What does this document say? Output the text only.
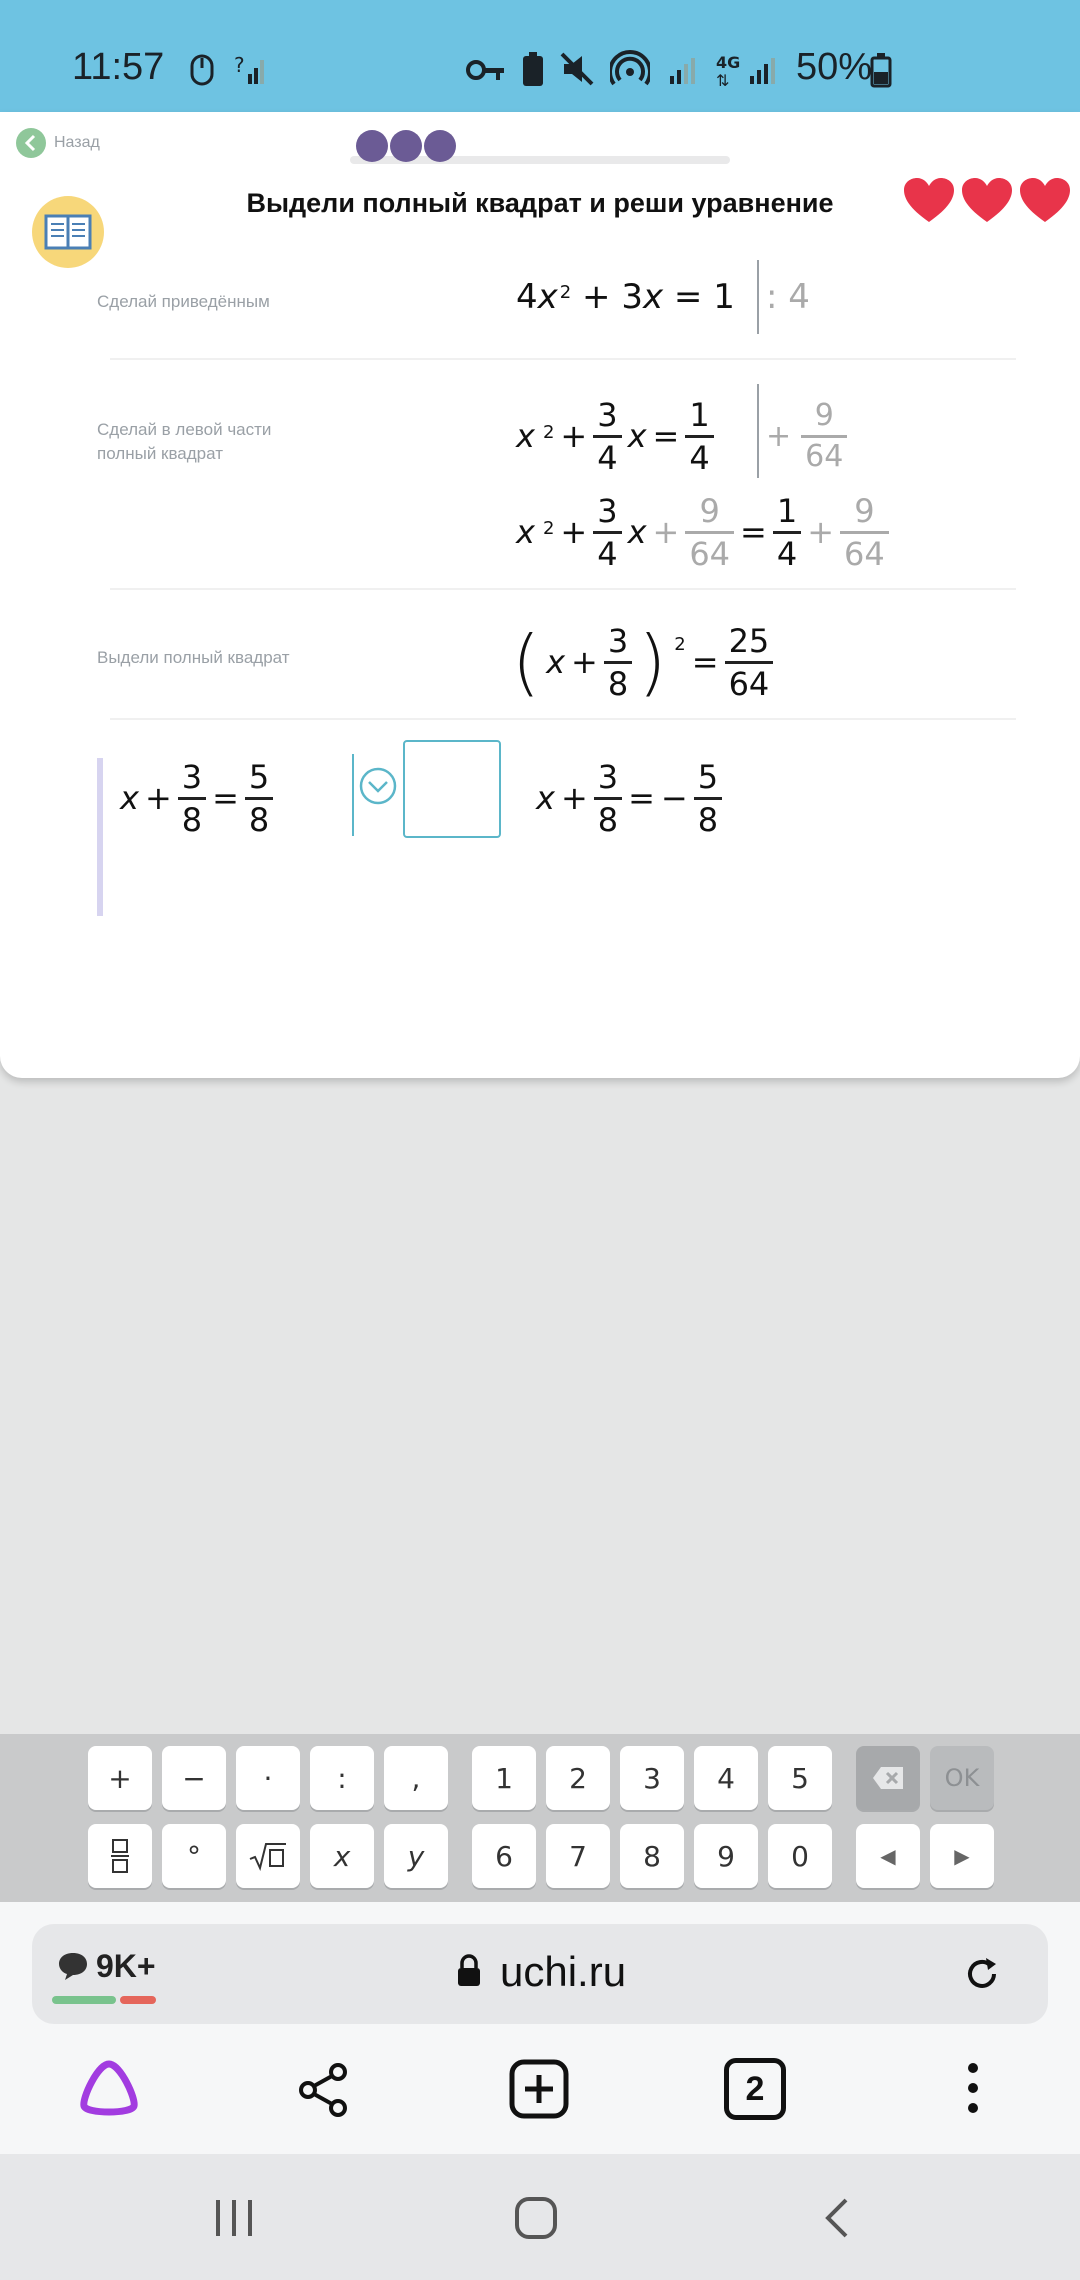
11:57	?	4G
⇅ 50%
Назад
Выдели полный квадрат и реши уравнение
Сделай приведённым	4x $^2$ + 3x = 1 : 4
Сделай в левой части
полный квадрат	x $^2 + \frac{3}{4}$ $x = \frac{1}{4} + \frac{9}{64}$
x $^2 + \frac{3}{4}$ $x + \frac{9}{64} = \frac{1}{4} + \frac{9}{64}$
Выдели полный квадрат	( $x + \frac{3}{8}$ ) $^2 = \frac{25}{64}$
$x + \frac{3}{8} = \frac{5}{8}$	$x + \frac{3}{8}$ = − $\frac{5}{8}$
+	−	·	:	,	1	2	3	4	5	OK
°	x	y	6	7	8	9	0	◀	▶
9K+	uchi.ru
2
